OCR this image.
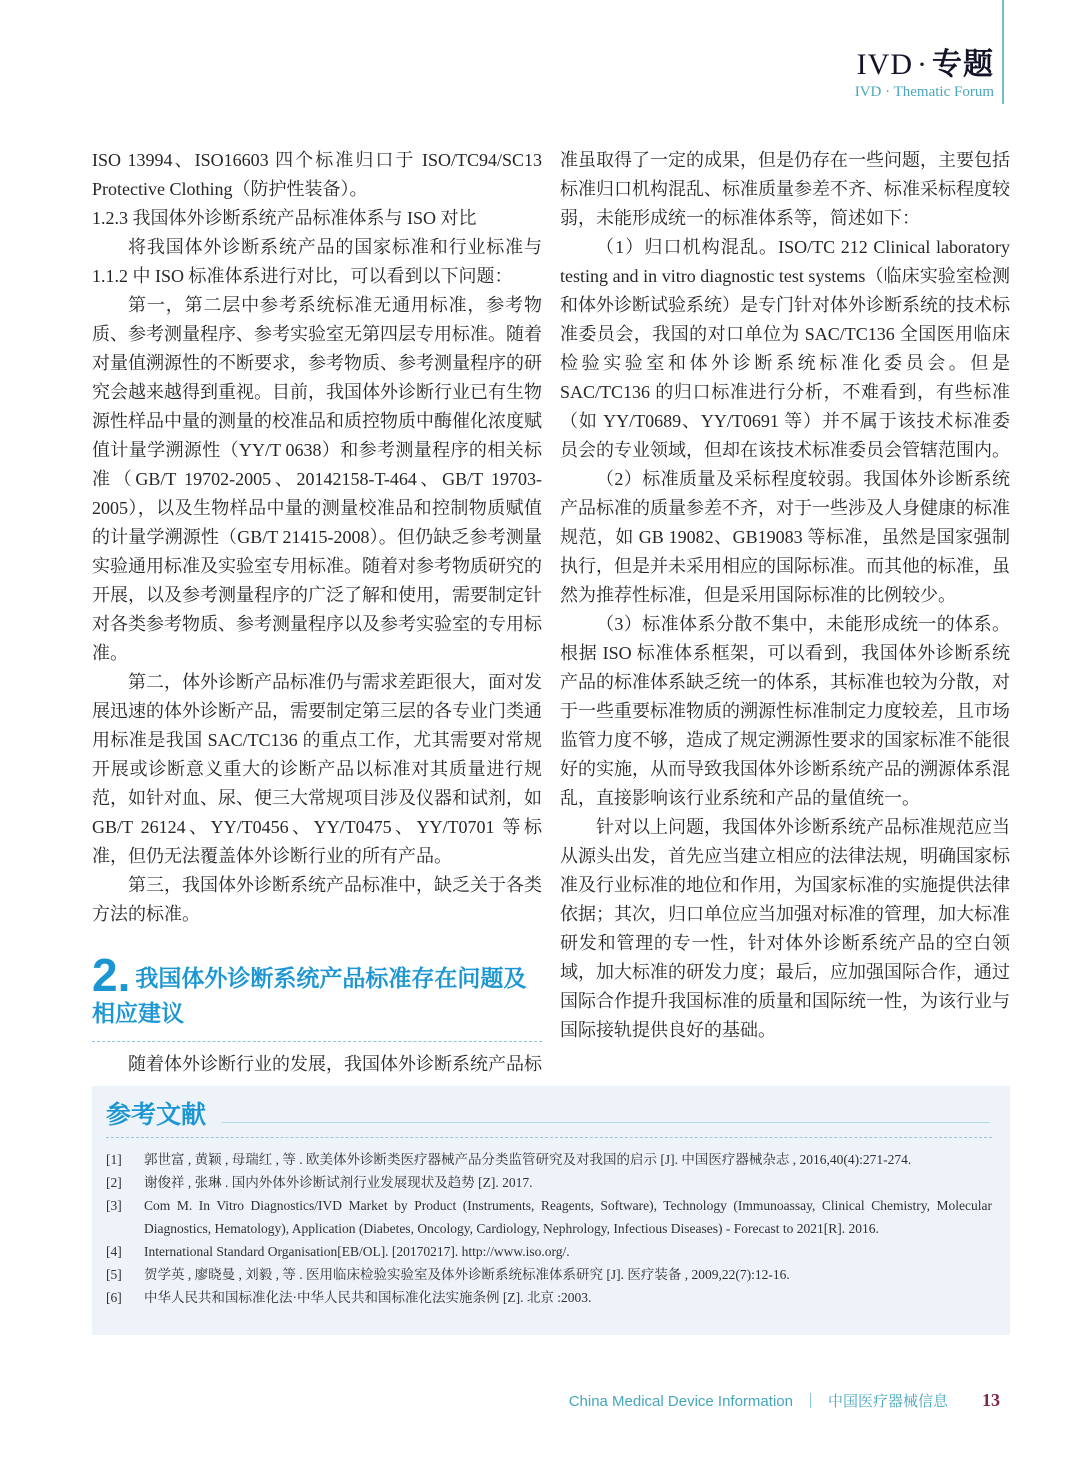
IVD · 专题
IVD · Thematic Forum

ISO 13994、ISO16603 四个标准归口于 ISO/TC94/SC13 Protective Clothing（防护性装备）。

1.2.3 我国体外诊断系统产品标准体系与 ISO 对比

将我国体外诊断系统产品的国家标准和行业标准与 1.1.2 中 ISO 标准体系进行对比，可以看到以下问题：

第一，第二层中参考系统标准无通用标准，参考物质、参考测量程序、参考实验室无第四层专用标准。随着对量值溯源性的不断要求，参考物质、参考测量程序的研究会越来越得到重视。目前，我国体外诊断行业已有生物源性样品中量的测量的校准品和质控物质中酶催化浓度赋值计量学溯源性（YY/T 0638）和参考测量程序的相关标准（GB/T 19702-2005、20142158-T-464、GB/T 19703-2005），以及生物样品中量的测量校准品和控制物质赋值的计量学溯源性（GB/T 21415-2008）。但仍缺乏参考测量实验通用标准及实验室专用标准。随着对参考物质研究的开展，以及参考测量程序的广泛了解和使用，需要制定针对各类参考物质、参考测量程序以及参考实验室的专用标准。

第二，体外诊断产品标准仍与需求差距很大，面对发展迅速的体外诊断产品，需要制定第三层的各专业门类通用标准是我国 SAC/TC136 的重点工作，尤其需要对常规开展或诊断意义重大的诊断产品以标准对其质量进行规范，如针对血、尿、便三大常规项目涉及仪器和试剂，如 GB/T 26124、YY/T0456、YY/T0475、YY/T0701 等标准，但仍无法覆盖体外诊断行业的所有产品。

第三，我国体外诊断系统产品标准中，缺乏关于各类方法的标准。

2. 我国体外诊断系统产品标准存在问题及相应建议

随着体外诊断行业的发展，我国体外诊断系统产品标

准虽取得了一定的成果，但是仍存在一些问题，主要包括标准归口机构混乱、标准质量参差不齐、标准采标程度较弱，未能形成统一的标准体系等，简述如下：

（1）归口机构混乱。ISO/TC 212 Clinical laboratory testing and in vitro diagnostic test systems（临床实验室检测和体外诊断试验系统）是专门针对体外诊断系统的技术标准委员会，我国的对口单位为 SAC/TC136 全国医用临床检验实验室和体外诊断系统标准化委员会。但是 SAC/TC136 的归口标准进行分析，不难看到，有些标准（如 YY/T0689、YY/T0691 等）并不属于该技术标准委员会的专业领域，但却在该技术标准委员会管辖范围内。

（2）标准质量及采标程度较弱。我国体外诊断系统产品标准的质量参差不齐，对于一些涉及人身健康的标准规范，如 GB 19082、GB19083 等标准，虽然是国家强制执行，但是并未采用相应的国际标准。而其他的标准，虽然为推荐性标准，但是采用国际标准的比例较少。

（3）标准体系分散不集中，未能形成统一的体系。根据 ISO 标准体系框架，可以看到，我国体外诊断系统产品的标准体系缺乏统一的体系，其标准也较为分散，对于一些重要标准物质的溯源性标准制定力度较差，且市场监管力度不够，造成了规定溯源性要求的国家标准不能很好的实施，从而导致我国体外诊断系统产品的溯源体系混乱，直接影响该行业系统和产品的量值统一。

针对以上问题，我国体外诊断系统产品标准规范应当从源头出发，首先应当建立相应的法律法规，明确国家标准及行业标准的地位和作用，为国家标准的实施提供法律依据；其次，归口单位应当加强对标准的管理，加大标准研发和管理的专一性，针对体外诊断系统产品的空白领域，加大标准的研发力度；最后，应加强国际合作，通过国际合作提升我国标准的质量和国际统一性，为该行业与国际接轨提供良好的基础。

参考文献
[1]	郭世富 , 黄颖 , 母瑞红 , 等 . 欧美体外诊断类医疗器械产品分类监管研究及对我国的启示 [J]. 中国医疗器械杂志 , 2016,40(4):271-274.
[2]	谢俊祥 , 张琳 . 国内外体外诊断试剂行业发展现状及趋势 [Z]. 2017.
[3]	Com M. In Vitro Diagnostics/IVD Market by Product (Instruments, Reagents, Software), Technology (Immunoassay, Clinical Chemistry, Molecular Diagnostics, Hematology), Application (Diabetes, Oncology, Cardiology, Nephrology, Infectious Diseases) - Forecast to 2021[R]. 2016.
[4]	International Standard Organisation[EB/OL]. [20170217]. http://www.iso.org/.
[5]	贺学英 , 廖晓曼 , 刘毅 , 等 . 医用临床检验实验室及体外诊断系统标准体系研究 [J]. 医疗装备 , 2009,22(7):12-16.
[6]	中华人民共和国标准化法·中华人民共和国标准化法实施条例 [Z]. 北京 :2003.
China Medical Device Information ｜ 中国医疗器械信息 13
